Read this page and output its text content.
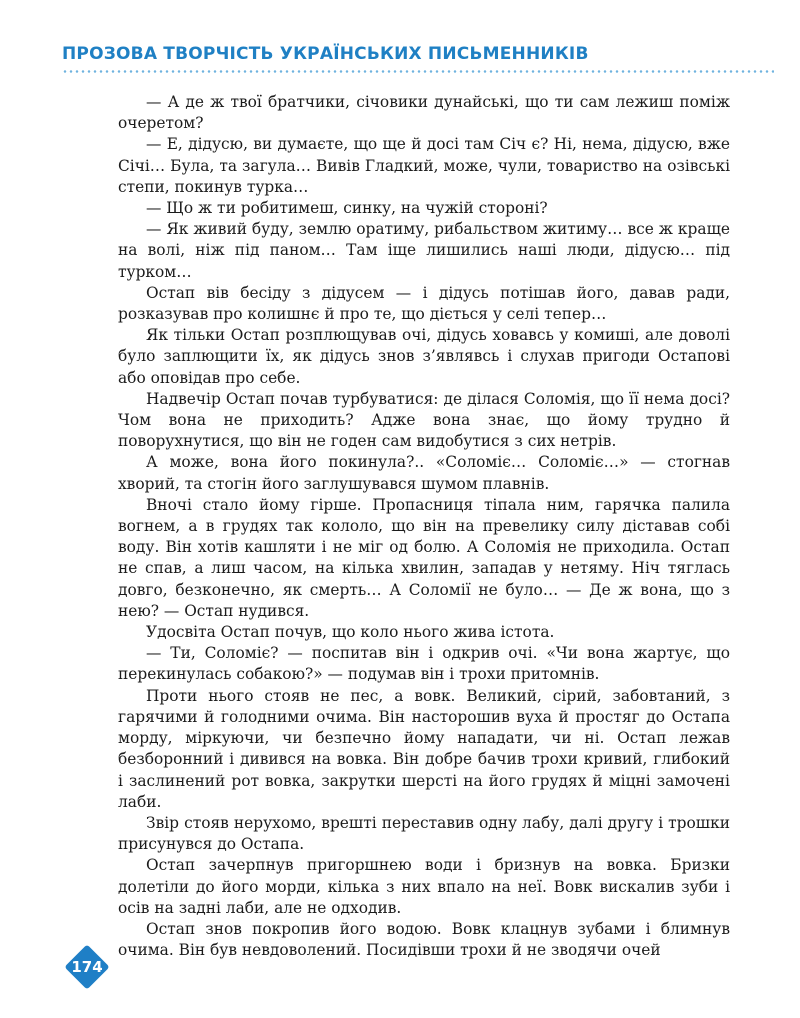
ПРОЗОВА ТВОРЧІСТЬ УКРАЇНСЬКИХ ПИСЬМЕННИКІВ

— А де ж твої братчики, січовики дунайські, що ти сам лежиш поміж очеретом?

— Е, дідусю, ви думаєте, що ще й досі там Січ є? Ні, нема, дідусю, вже Січі… Була, та загула… Вивів Гладкий, може, чули, товариство на озівські степи, покинув турка…

— Що ж ти робитимеш, синку, на чужій стороні?

— Як живий буду, землю оратиму, рибальством житиму… все ж краще на волі, ніж під паном… Там іще лишились наші люди, дідусю… під турком…

Остап вів бесіду з дідусем — і дідусь потішав його, давав ради, розказував про колишнє й про те, що діється у селі тепер…

Як тільки Остап розплющував очі, дідусь ховавсь у комиші, але доволі було заплющити їх, як дідусь знов з’являвсь і слухав пригоди Остапові або оповідав про себе.

Надвечір Остап почав турбуватися: де ділася Соломія, що її нема досі? Чом вона не приходить? Адже вона знає, що йому трудно й поворухнутися, що він не годен сам видобутися з сих нетрів.

А може, вона його покинула?.. «Соломіє… Соломіє…» — стогнав хворий, та стогін його заглушувався шумом плавнів.

Вночі стало йому гірше. Пропасниця тіпала ним, гарячка палила вогнем, а в грудях так кололо, що він на превелику силу діставав собі воду. Він хотів кашляти і не міг од болю. А Соломія не приходила. Остап не спав, а лиш часом, на кілька хвилин, западав у нетяму. Ніч тяглась довго, безконечно, як смерть… А Соломії не було… — Де ж вона, що з нею? — Остап нудився.

Удосвіта Остап почув, що коло нього жива істота.

— Ти, Соломіє? — поспитав він і одкрив очі. «Чи вона жартує, що перекинулась собакою?» — подумав він і трохи притомнів.

Проти нього стояв не пес, а вовк. Великий, сірий, забовтаний, з гарячими й голодними очима. Він насторошив вуха й простяг до Остапа морду, міркуючи, чи безпечно йому нападати, чи ні. Остап лежав безборонний і дивився на вовка. Він добре бачив трохи кривий, глибокий і заслинений рот вовка, закрутки шерсті на його грудях й міцні замочені лаби.

Звір стояв нерухомо, врешті переставив одну лабу, далі другу і трошки присунувся до Остапа.

Остап зачерпнув пригоршнею води і бризнув на вовка. Бризки долетіли до його морди, кілька з них впало на неї. Вовк вискалив зуби і осів на задні лаби, але не одходив.

Остап знов покропив його водою. Вовк клацнув зубами і блимнув очима. Він був невдоволений. Посидівши трохи й не зводячи очей

174
